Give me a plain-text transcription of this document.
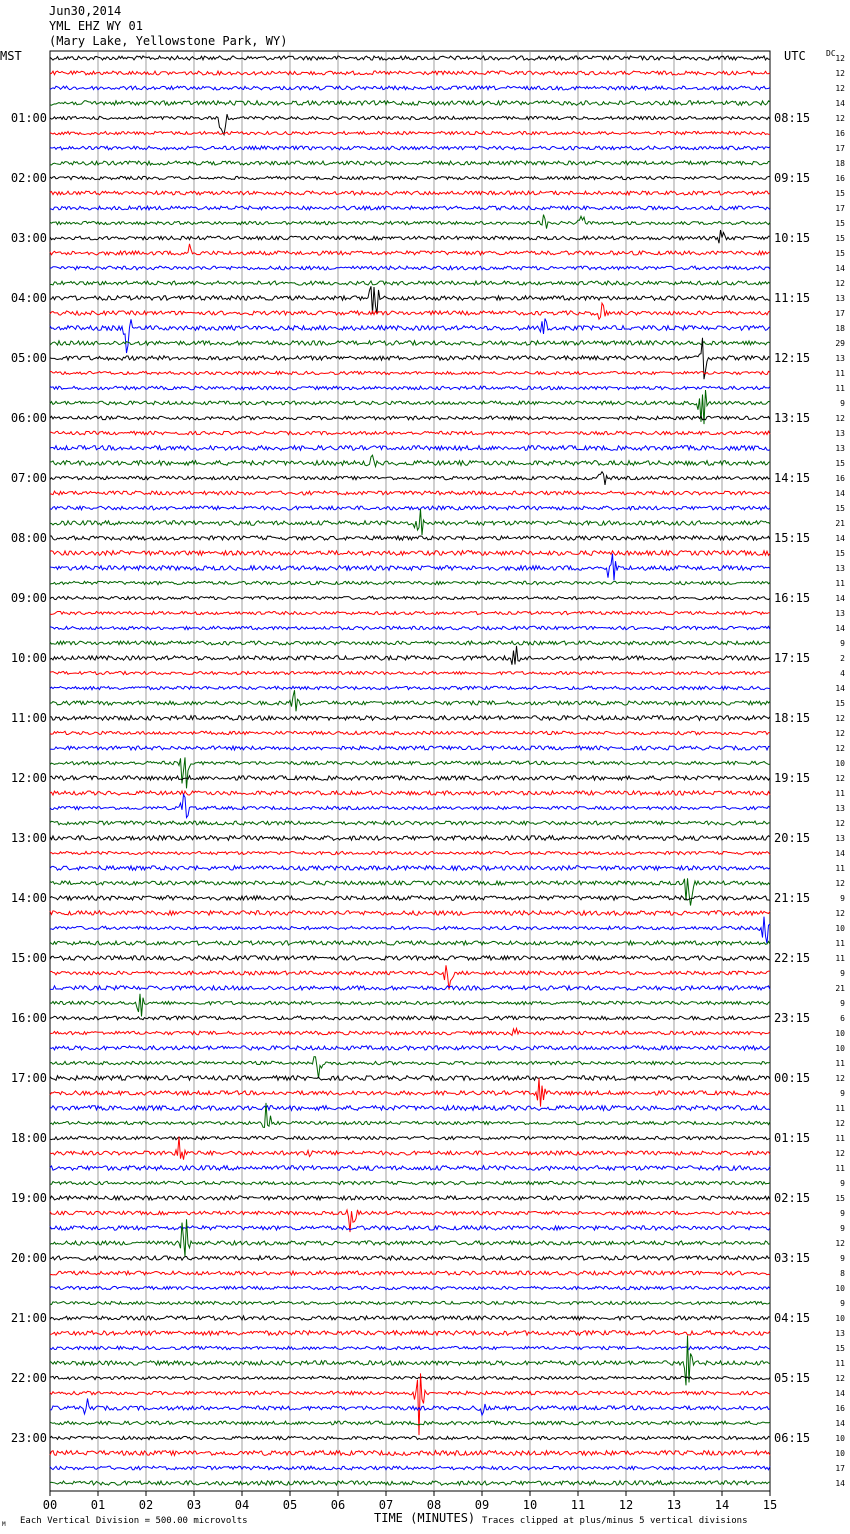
Jun30,2014
YML EHZ WY 01
(Mary Lake, Yellowstone Park, WY)
MST	UTC	DC
01:00
02:00
03:00
04:00
05:00
06:00
07:00
08:00
09:00
10:00
11:00
12:00
13:00
14:00
15:00
16:00
17:00
18:00
19:00
20:00
21:00
22:00
23:00
08:15
09:15
10:15
11:15
12:15
13:15
14:15
15:15
16:15
17:15
18:15
19:15
20:15
21:15
22:15
23:15
00:15
01:15
02:15
03:15
04:15
05:15
06:15
12
12
12
14
12
16
17
18
16
15
17
15
15
15
14
12
13
17
18
29
13
11
11
9
12
13
13
15
16
14
15
21
14
15
13
11
14
13
14
9
2
4
14
15
12
12
12
10
12
11
13
12
13
14
11
12
9
12
10
11
11
9
21
9
6
10
10
11
12
9
11
12
11
12
11
9
15
9
9
12
9
8
10
9
10
13
15
11
12
14
16
14
10
10
17
14
00	01	02	03	04	05	06	07	08	09	10	11	12	13	14	15
TIME (MINUTES)
M Each Vertical Division = 500.00 microvolts	Traces clipped at plus/minus 5 vertical divisions
